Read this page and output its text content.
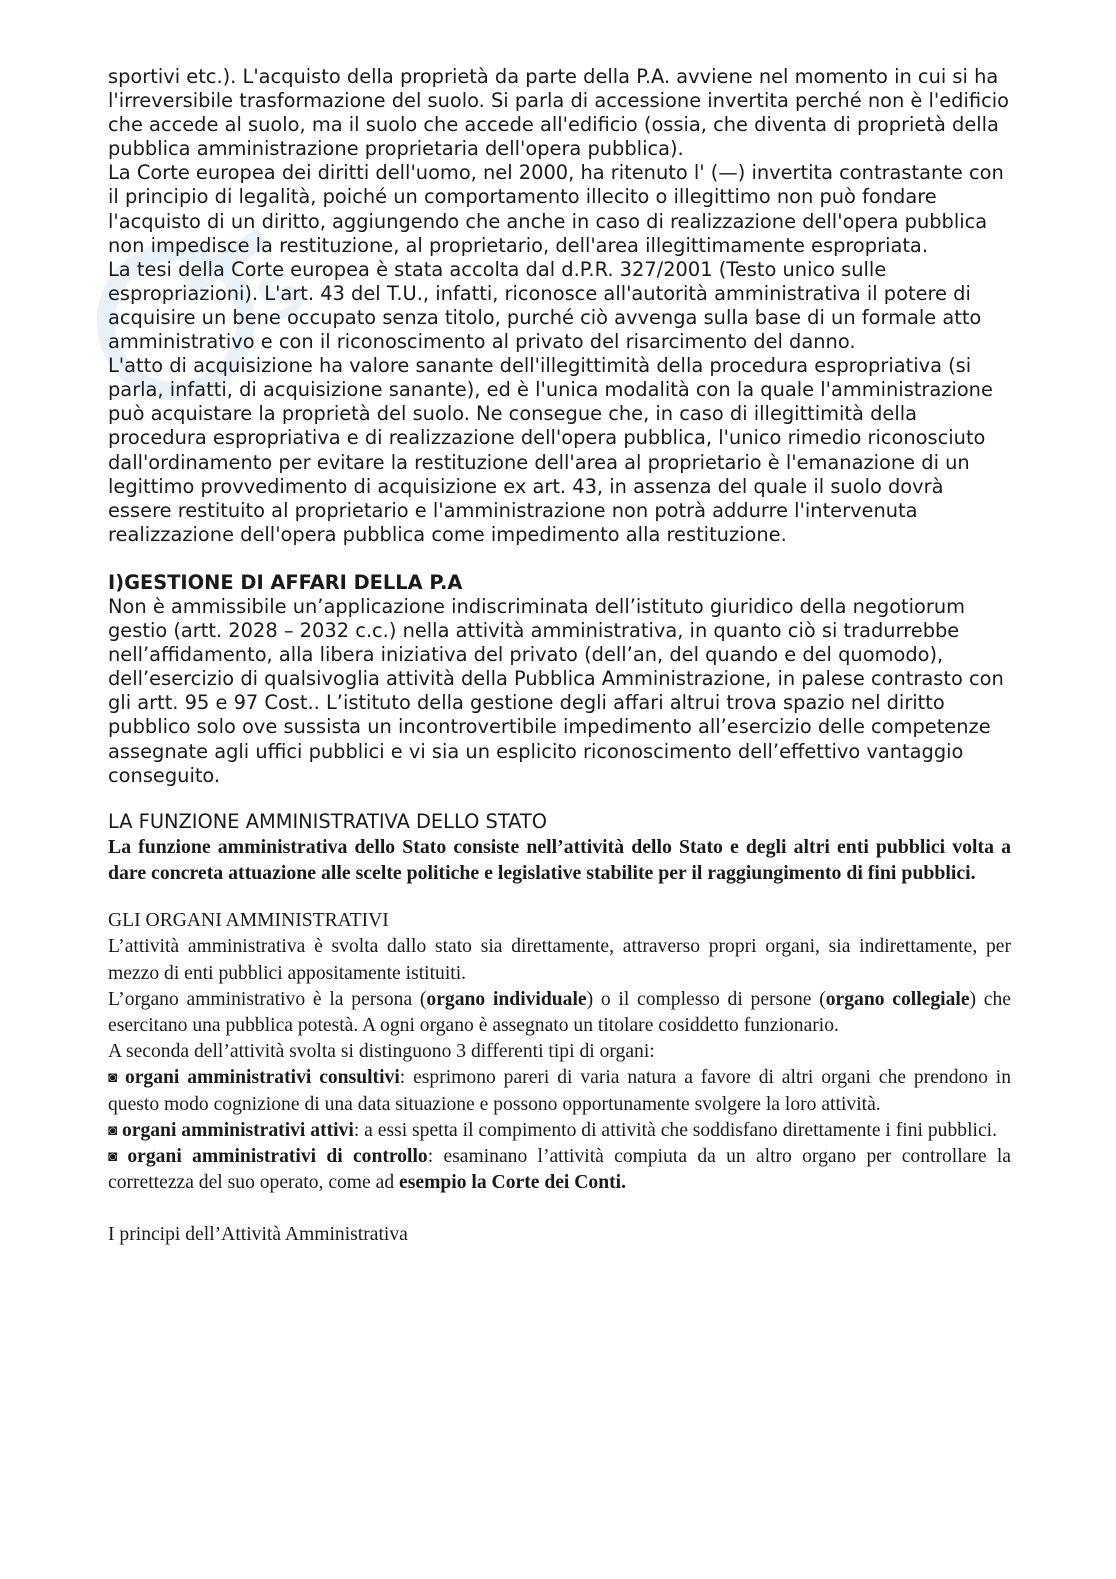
S

sportivi etc.). L'acquisto della proprietà da parte della P.A. avviene nel momento in cui si ha l'irreversibile trasformazione del suolo. Si parla di accessione invertita perché non è l'edificio che accede al suolo, ma il suolo che accede all'edificio (ossia, che diventa di proprietà della pubblica amministrazione proprietaria dell'opera pubblica).

La Corte europea dei diritti dell'uomo, nel 2000, ha ritenuto l' (—) invertita contrastante con il principio di legalità, poiché un comportamento illecito o illegittimo non può fondare l'acquisto di un diritto, aggiungendo che anche in caso di realizzazione dell'opera pubblica non impedisce la restituzione, al proprietario, dell'area illegittimamente espropriata.

La tesi della Corte europea è stata accolta dal d.P.R. 327/2001 (Testo unico sulle espropriazioni). L'art. 43 del T.U., infatti, riconosce all'autorità amministrativa il potere di acquisire un bene occupato senza titolo, purché ciò avvenga sulla base di un formale atto amministrativo e con il riconoscimento al privato del risarcimento del danno.

L'atto di acquisizione ha valore sanante dell'illegittimità della procedura espropriativa (si parla, infatti, di acquisizione sanante), ed è l'unica modalità con la quale l'amministrazione può acquistare la proprietà del suolo. Ne consegue che, in caso di illegittimità della procedura espropriativa e di realizzazione dell'opera pubblica, l'unico rimedio riconosciuto dall'ordinamento per evitare la restituzione dell'area al proprietario è l'emanazione di un legittimo provvedimento di acquisizione ex art. 43, in assenza del quale il suolo dovrà essere restituito al proprietario e l'amministrazione non potrà addurre l'intervenuta realizzazione dell'opera pubblica come impedimento alla restituzione.

I)GESTIONE DI AFFARI DELLA P.A

Non è ammissibile un’applicazione indiscriminata dell’istituto giuridico della negotiorum gestio (artt. 2028 – 2032 c.c.) nella attività amministrativa, in quanto ciò si tradurrebbe nell’affidamento, alla libera iniziativa del privato (dell’an, del quando e del quomodo), dell’esercizio di qualsivoglia attività della Pubblica Amministrazione, in palese contrasto con gli artt. 95 e 97 Cost.. L’istituto della gestione degli affari altrui trova spazio nel diritto pubblico solo ove sussista un incontrovertibile impedimento all’esercizio delle competenze assegnate agli uffici pubblici e vi sia un esplicito riconoscimento dell’effettivo vantaggio conseguito.

LA FUNZIONE AMMINISTRATIVA DELLO STATO

La funzione amministrativa dello Stato consiste nell’attività dello Stato e degli altri enti pubblici volta a dare concreta attuazione alle scelte politiche e legislative stabilite per il raggiungimento di fini pubblici.

GLI ORGANI AMMINISTRATIVI

L’attività amministrativa è svolta dallo stato sia direttamente, attraverso propri organi, sia indirettamente, per mezzo di enti pubblici appositamente istituiti.

L’organo amministrativo è la persona (organo individuale) o il complesso di persone (organo collegiale) che esercitano una pubblica potestà. A ogni organo è assegnato un titolare cosiddetto funzionario.

A seconda dell’attività svolta si distinguono 3 differenti tipi di organi:

◙ organi amministrativi consultivi: esprimono pareri di varia natura a favore di altri organi che prendono in questo modo cognizione di una data situazione e possono opportunamente svolgere la loro attività.

◙ organi amministrativi attivi: a essi spetta il compimento di attività che soddisfano direttamente i fini pubblici.

◙ organi amministrativi di controllo: esaminano l’attività compiuta da un altro organo per controllare la correttezza del suo operato, come ad esempio la Corte dei Conti.

I principi dell’Attività Amministrativa
